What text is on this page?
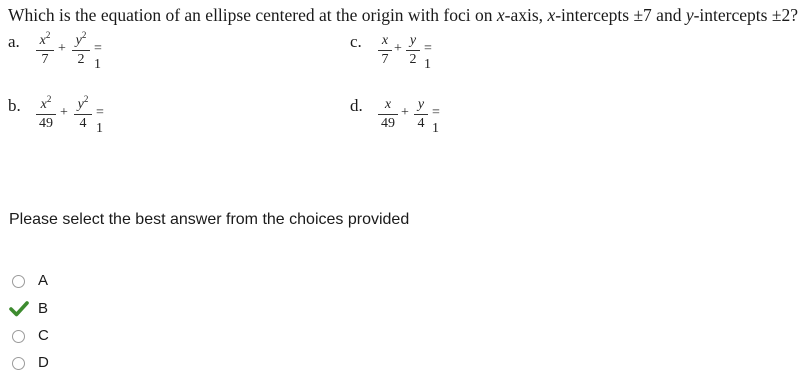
Which is the equation of an ellipse centered at the origin with foci on x-axis, x-intercepts ±7 and y-intercepts ±2?
a. $x^2$
7
+
$y^2$
2
= 1
b.	$x^2$
49
+
$y^2$
4
= 1
c. x
7
+
y
2
= 1
d.	x
49
+
y
4
= 1
Please select the best answer from the choices provided
A
B
C
D
